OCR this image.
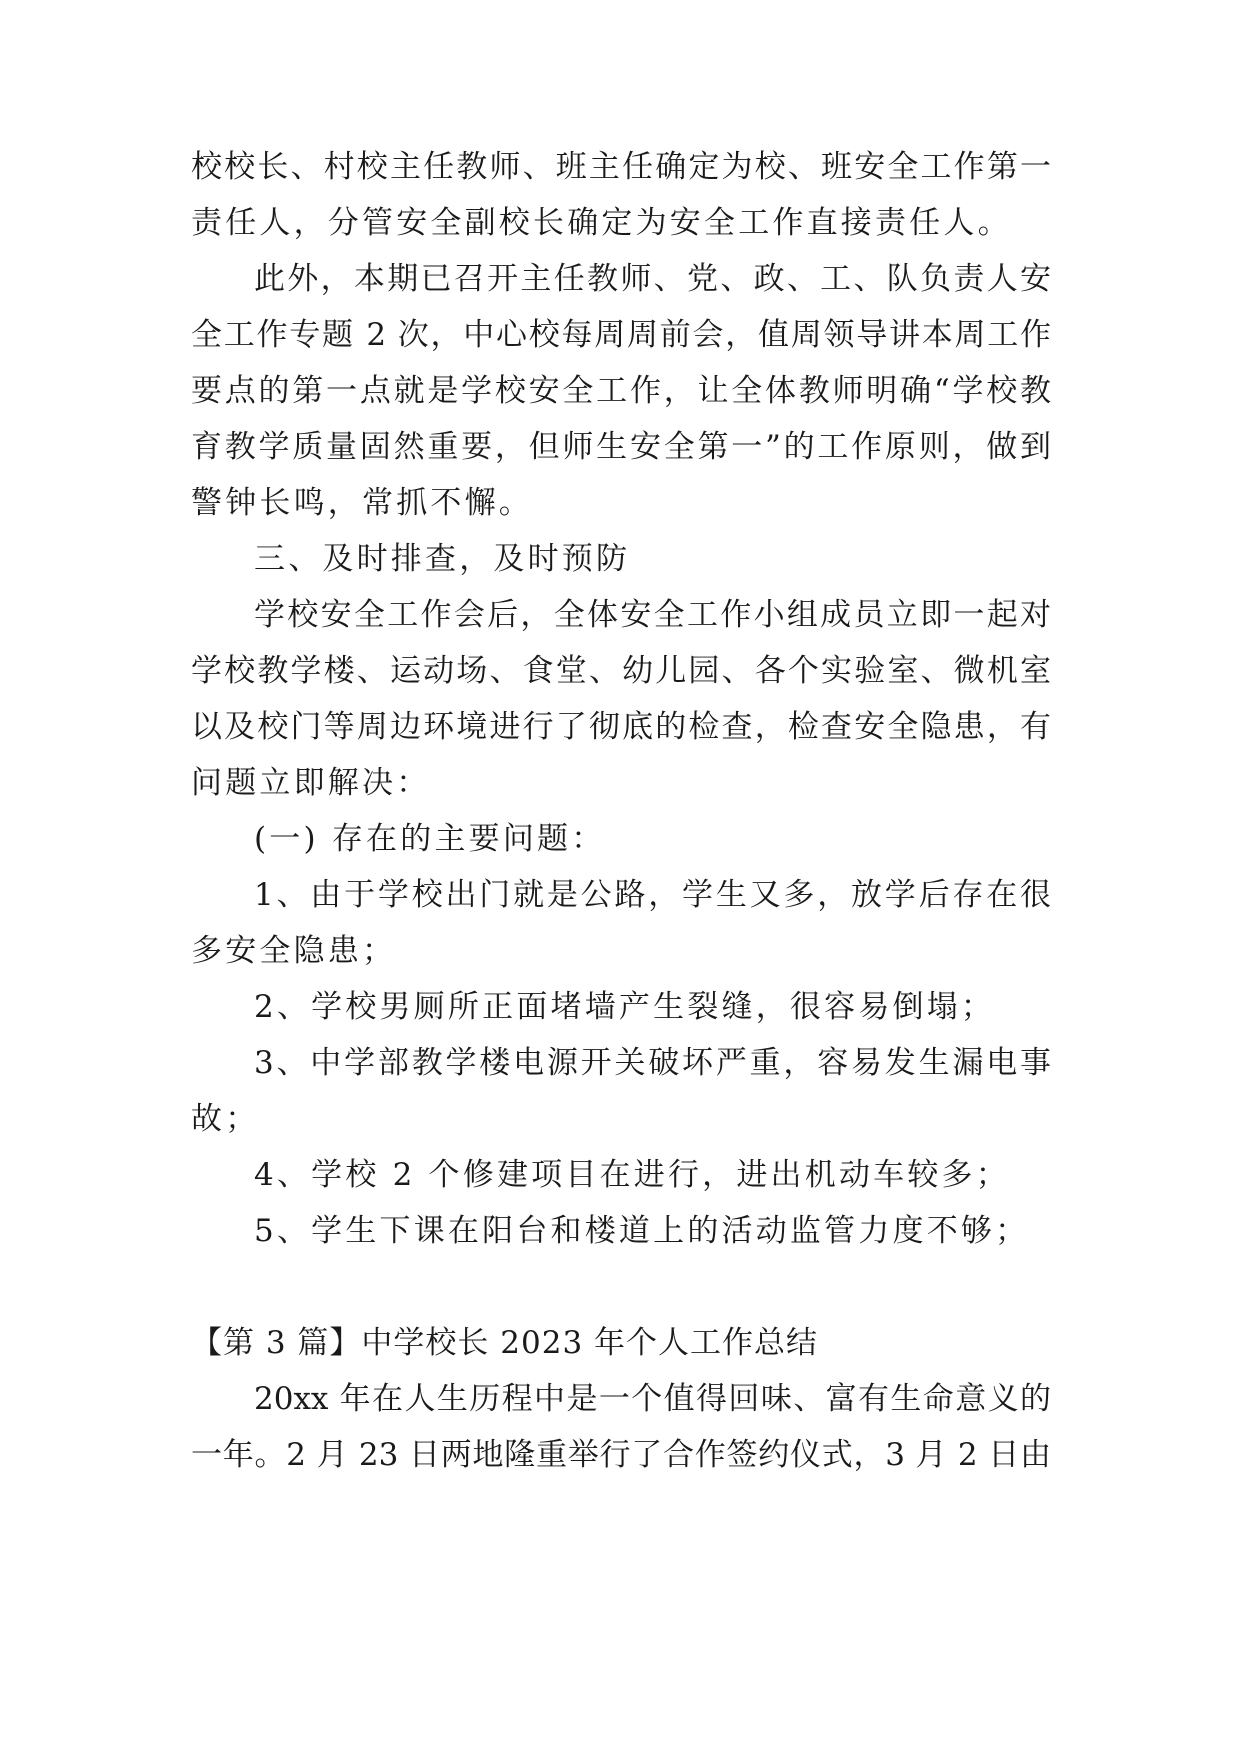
校校长、村校主任教师、班主任确定为校、班安全工作第一
责任人，分管安全副校长确定为安全工作直接责任人。
此外，本期已召开主任教师、党、政、工、队负责人安
全工作专题 2 次，中心校每周周前会，值周领导讲本周工作
要点的第一点就是学校安全工作，让全体教师明确“学校教
育教学质量固然重要，但师生安全第一”的工作原则，做到
警钟长鸣，常抓不懈。
三、及时排查，及时预防
学校安全工作会后，全体安全工作小组成员立即一起对
学校教学楼、运动场、食堂、幼儿园、各个实验室、微机室
以及校门等周边环境进行了彻底的检查，检查安全隐患，有
问题立即解决：
(一) 存在的主要问题：
1、由于学校出门就是公路，学生又多，放学后存在很
多安全隐患；
2、学校男厕所正面堵墙产生裂缝，很容易倒塌；
3、中学部教学楼电源开关破坏严重，容易发生漏电事
故；
4、学校 2 个修建项目在进行，进出机动车较多；
5、学生下课在阳台和楼道上的活动监管力度不够；
【第 3 篇】中学校长 2023 年个人工作总结
20xx 年在人生历程中是一个值得回味、富有生命意义的
一年。2 月 23 日两地隆重举行了合作签约仪式，3 月 2 日由
